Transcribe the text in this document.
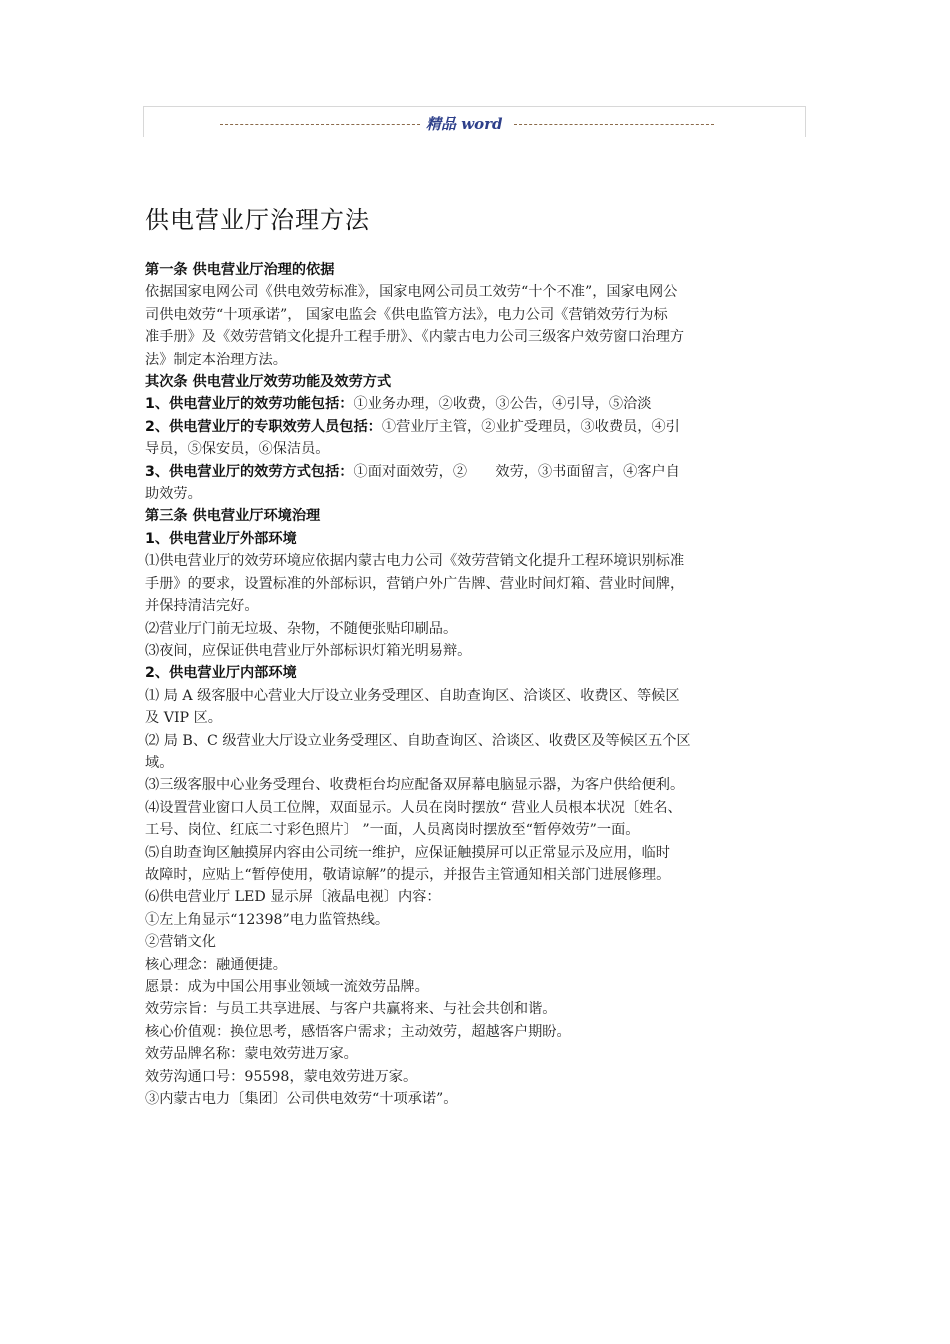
精品 word
供电营业厅治理方法
第一条 供电营业厅治理的依据
依据国家电网公司《供电效劳标准》，国家电网公司员工效劳“十个不准”，国家电网公
司供电效劳“十项承诺”， 国家电监会《供电监管方法》，电力公司《营销效劳行为标
准手册》及《效劳营销文化提升工程手册》、《内蒙古电力公司三级客户效劳窗口治理方
法》制定本治理方法。
其次条 供电营业厅效劳功能及效劳方式
1、供电营业厅的效劳功能包括：①业务办理，②收费，③公告，④引导，⑤洽淡
2、供电营业厅的专职效劳人员包括：①营业厅主管，②业扩受理员，③收费员，④引
导员，⑤保安员，⑥保洁员。
3、供电营业厅的效劳方式包括：①面对面效劳，②　　效劳，③书面留言，④客户自
助效劳。
第三条 供电营业厅环境治理
1、供电营业厅外部环境
⑴供电营业厅的效劳环境应依据内蒙古电力公司《效劳营销文化提升工程环境识别标准
手册》的要求，设置标准的外部标识，营销户外广告牌、营业时间灯箱、营业时间牌，
并保持清洁完好。
⑵营业厅门前无垃圾、杂物，不随便张贴印刷品。
⑶夜间，应保证供电营业厅外部标识灯箱光明易辩。
2、供电营业厅内部环境
⑴ 局 A 级客服中心营业大厅设立业务受理区、自助查询区、洽谈区、收费区、等候区
及 VIP 区。
⑵ 局 B、C 级营业大厅设立业务受理区、自助查询区、洽谈区、收费区及等候区五个区
域。
⑶三级客服中心业务受理台、收费柜台均应配备双屏幕电脑显示器，为客户供给便利。
⑷设置营业窗口人员工位牌，双面显示。人员在岗时摆放“ 营业人员根本状况〔姓名、
工号、岗位、红底二寸彩色照片〕 ”一面，人员离岗时摆放至“暂停效劳”一面。
⑸自助查询区触摸屏内容由公司统一维护，应保证触摸屏可以正常显示及应用，临时
故障时，应贴上“暂停使用，敬请谅解”的提示，并报告主管通知相关部门进展修理。
⑹供电营业厅 LED 显示屏〔液晶电视〕内容：
①左上角显示“12398”电力监管热线。
②营销文化
核心理念：融通便捷。
愿景：成为中国公用事业领域一流效劳品牌。
效劳宗旨：与员工共享进展、与客户共赢将来、与社会共创和谐。
核心价值观：换位思考，感悟客户需求；主动效劳，超越客户期盼。
效劳品牌名称：蒙电效劳进万家。
效劳沟通口号：95598，蒙电效劳进万家。
③内蒙古电力〔集团〕公司供电效劳“十项承诺”。
